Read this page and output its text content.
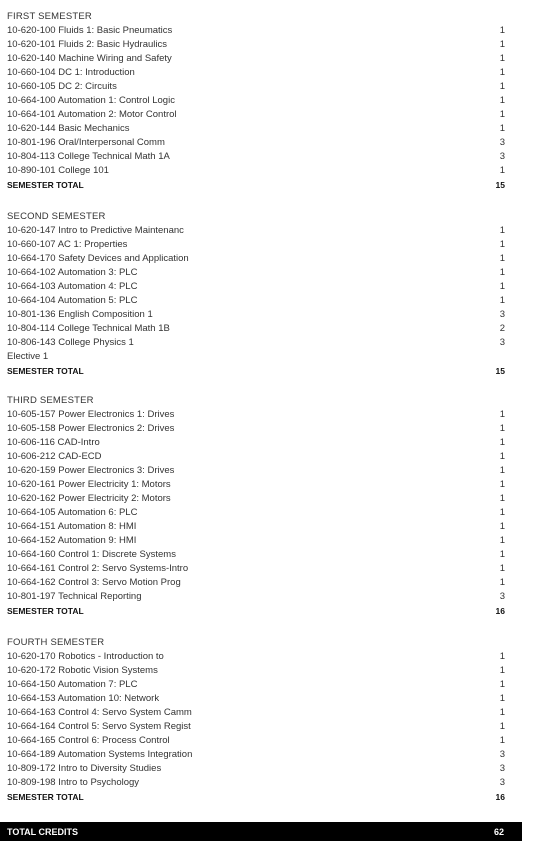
FIRST SEMESTER
10-620-100 Fluids 1: Basic Pneumatics	1
10-620-101 Fluids 2: Basic Hydraulics	1
10-620-140 Machine Wiring and Safety	1
10-660-104 DC 1: Introduction	1
10-660-105 DC 2: Circuits	1
10-664-100 Automation 1: Control Logic	1
10-664-101 Automation 2: Motor Control	1
10-620-144 Basic Mechanics	1
10-801-196 Oral/Interpersonal Comm	3
10-804-113 College Technical Math 1A	3
10-890-101 College 101	1
SEMESTER TOTAL	15
SECOND SEMESTER
10-620-147 Intro to Predictive Maintenanc	1
10-660-107 AC 1: Properties	1
10-664-170 Safety Devices and Application	1
10-664-102 Automation 3: PLC	1
10-664-103 Automation 4: PLC	1
10-664-104 Automation 5: PLC	1
10-801-136 English Composition 1	3
10-804-114 College Technical Math 1B	2
10-806-143 College Physics 1	3
Elective 1
SEMESTER TOTAL	15
THIRD SEMESTER
10-605-157 Power Electronics 1: Drives	1
10-605-158 Power Electronics 2: Drives	1
10-606-116 CAD-Intro	1
10-606-212 CAD-ECD	1
10-620-159 Power Electronics 3: Drives	1
10-620-161 Power Electricity 1: Motors	1
10-620-162 Power Electricity 2: Motors	1
10-664-105 Automation 6: PLC	1
10-664-151 Automation 8: HMI	1
10-664-152 Automation 9: HMI	1
10-664-160 Control 1: Discrete Systems	1
10-664-161 Control 2: Servo Systems-Intro	1
10-664-162 Control 3: Servo Motion Prog	1
10-801-197 Technical Reporting	3
SEMESTER TOTAL	16
FOURTH SEMESTER
10-620-170 Robotics - Introduction to	1
10-620-172 Robotic Vision Systems	1
10-664-150 Automation 7: PLC	1
10-664-153 Automation 10: Network	1
10-664-163 Control 4: Servo System Camm	1
10-664-164 Control 5: Servo System Regist	1
10-664-165 Control 6: Process Control	1
10-664-189 Automation Systems Integration	3
10-809-172 Intro to Diversity Studies	3
10-809-198 Intro to Psychology	3
SEMESTER TOTAL	16
TOTAL CREDITS	62
